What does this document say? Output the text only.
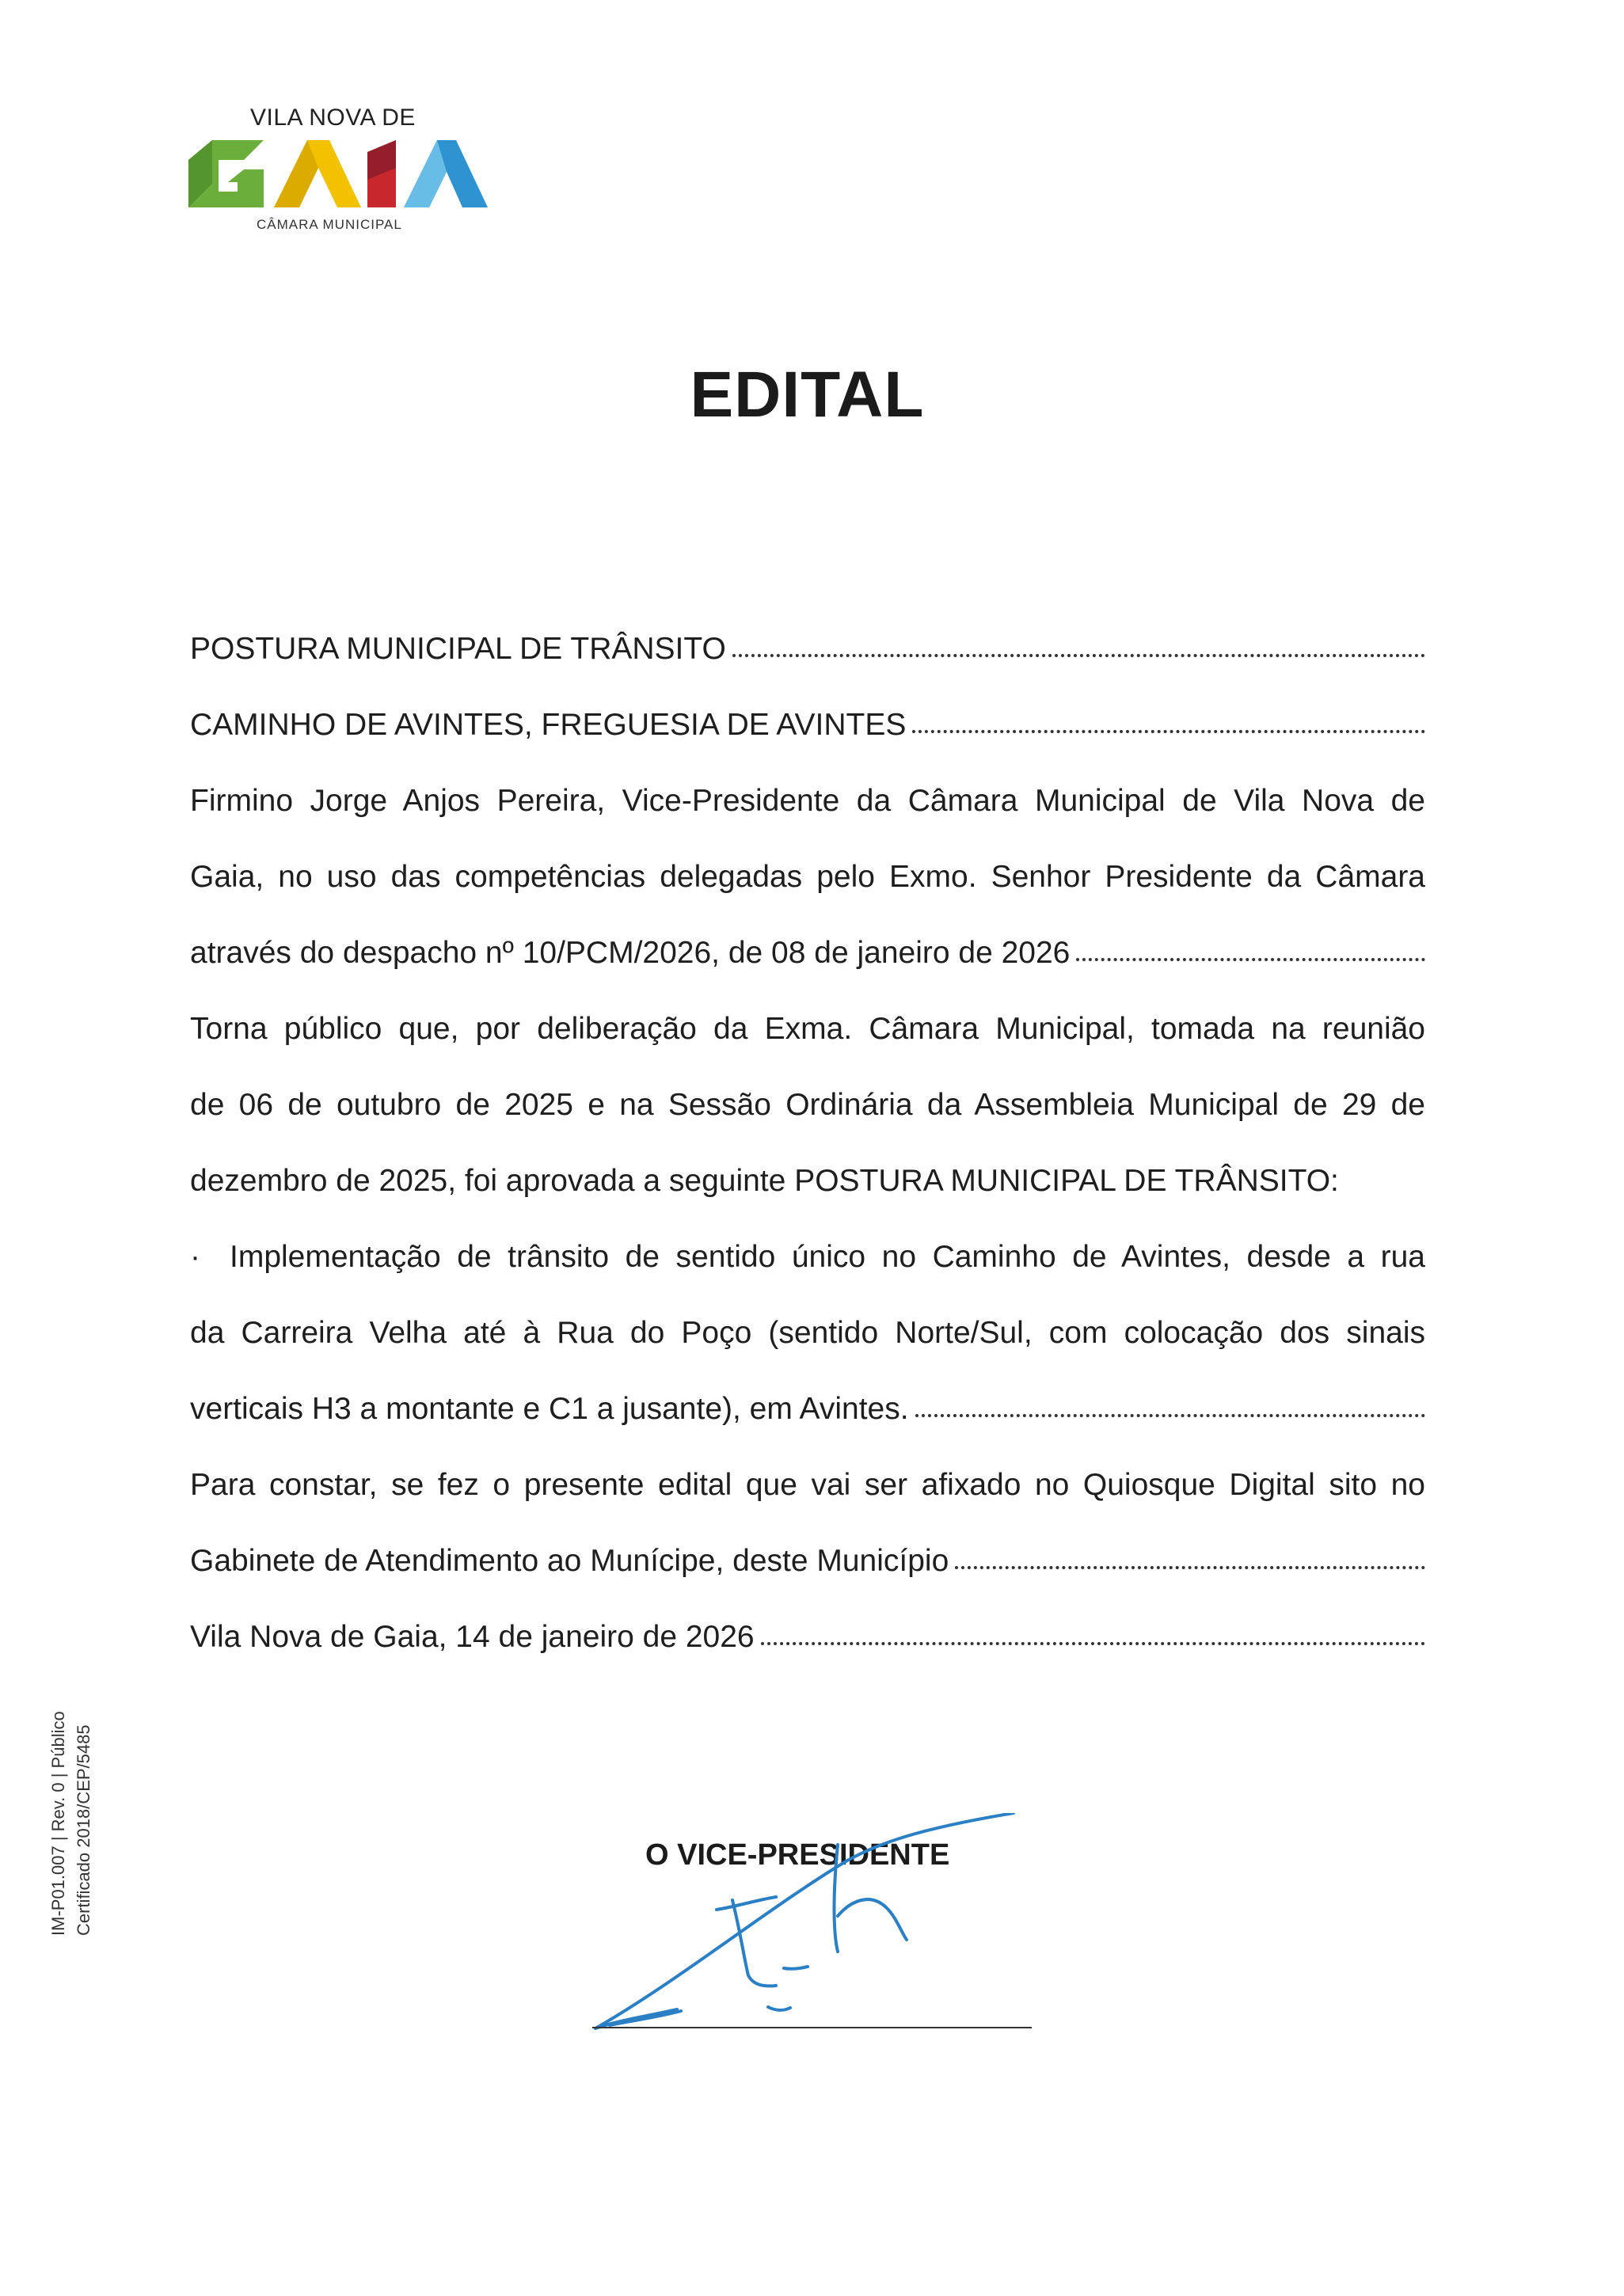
VILA NOVA DE
CÂMARA MUNICIPAL
EDITAL
POSTURA MUNICIPAL DE TRÂNSITO
CAMINHO DE AVINTES, FREGUESIA DE AVINTES
Firmino Jorge Anjos Pereira, Vice-Presidente da Câmara Municipal de Vila Nova de
Gaia, no uso das competências delegadas pelo Exmo. Senhor Presidente da Câmara
através do despacho nº 10/PCM/2026, de 08 de janeiro de 2026
Torna público que, por deliberação da Exma. Câmara Municipal, tomada na reunião
de 06 de outubro de 2025 e na Sessão Ordinária da Assembleia Municipal de 29 de
dezembro de 2025, foi aprovada a seguinte POSTURA MUNICIPAL DE TRÂNSITO:
· Implementação de trânsito de sentido único no Caminho de Avintes, desde a rua
da Carreira Velha até à Rua do Poço (sentido Norte/Sul, com colocação dos sinais
verticais H3 a montante e C1 a jusante), em Avintes.
Para constar, se fez o presente edital que vai ser afixado no Quiosque Digital sito no
Gabinete de Atendimento ao Munícipe, deste Município
Vila Nova de Gaia, 14 de janeiro de 2026
IM-P01.007 | Rev. 0 | Público Certificado 2018/CEP/5485	O VICE-PRESIDENTE
